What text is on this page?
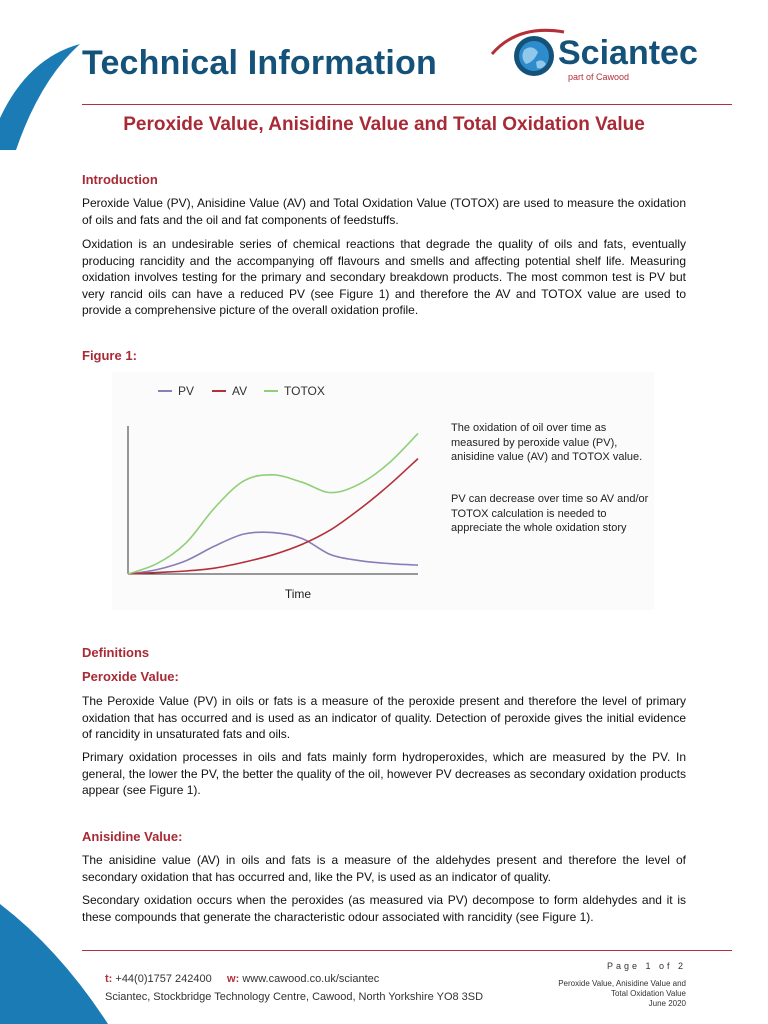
Technical Information	Sciantec
part of Cawood
Peroxide Value, Anisidine Value and Total Oxidation Value
Introduction

Peroxide Value (PV), Anisidine Value (AV) and Total Oxidation Value (TOTOX) are used to measure the oxidation of oils and fats and the oil and fat components of feedstuffs.

Oxidation is an undesirable series of chemical reactions that degrade the quality of oils and fats, eventually producing rancidity and the accompanying off flavours and smells and affecting potential shelf life. Measuring oxidation involves testing for the primary and secondary breakdown products. The most common test is PV but very rancid oils can have a reduced PV (see Figure 1) and therefore the AV and TOTOX value are used to provide a comprehensive picture of the overall oxidation profile.

Figure 1:
PV	AV	TOTOX
Time

The oxidation of oil over time as measured by peroxide value (PV), anisidine value (AV) and TOTOX value.

PV can decrease over time so AV and/or TOTOX calculation is needed to appreciate the whole oxidation story

Definitions
Peroxide Value:

The Peroxide Value (PV) in oils or fats is a measure of the peroxide present and therefore the level of primary oxidation that has occurred and is used as an indicator of quality. Detection of peroxide gives the initial evidence of rancidity in unsaturated fats and oils.

Primary oxidation processes in oils and fats mainly form hydroperoxides, which are measured by the PV. In general, the lower the PV, the better the quality of the oil, however PV decreases as secondary oxidation products appear (see Figure 1).

Anisidine Value:

The anisidine value (AV) in oils and fats is a measure of the aldehydes present and therefore the level of secondary oxidation that has occurred and, like the PV, is used as an indicator of quality.

Secondary oxidation occurs when the peroxides (as measured via PV) decompose to form aldehydes and it is these compounds that generate the characteristic odour associated with rancidity (see Figure 1).

t: +44(0)1757 242400 w: www.cawood.co.uk/sciantec

Sciantec, Stockbridge Technology Centre, Cawood, North Yorkshire YO8 3SD

Page 1 of 2

Peroxide Value, Anisidine Value and

Total Oxidation Value

June 2020
